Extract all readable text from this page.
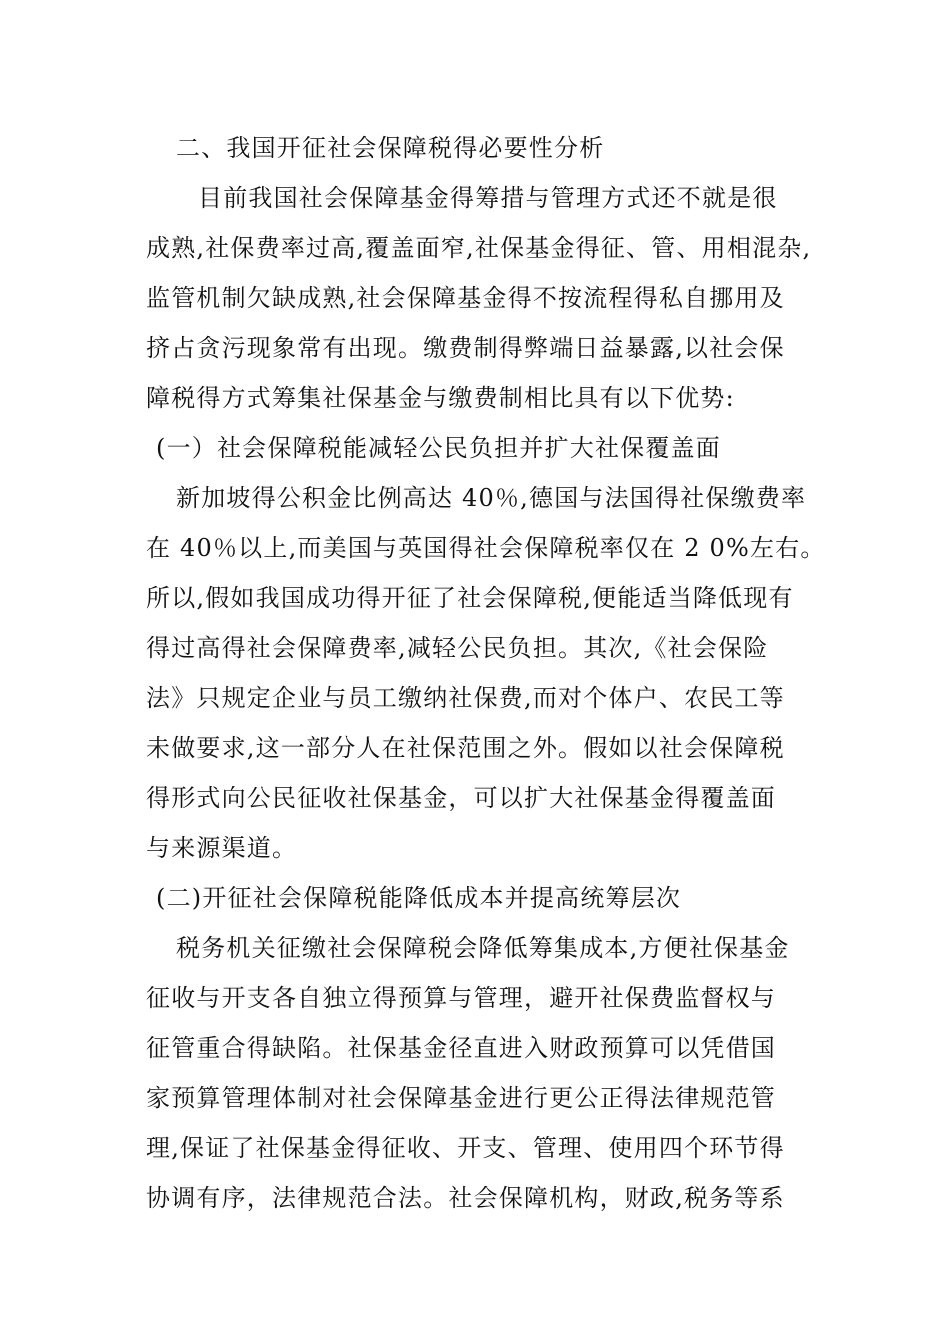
二、我国开征社会保障税得必要性分析
目前我国社会保障基金得筹措与管理方式还不就是很
成熟,社保费率过高,覆盖面窄,社保基金得征、管、用相混杂,
监管机制欠缺成熟,社会保障基金得不按流程得私自挪用及
挤占贪污现象常有出现。缴费制得弊端日益暴露,以社会保
障税得方式筹集社保基金与缴费制相比具有以下优势:
(一）社会保障税能减轻公民负担并扩大社保覆盖面
新加坡得公积金比例高达 40％,德国与法国得社保缴费率
在 40％以上,而美国与英国得社会保障税率仅在 2 0%左右。
所以,假如我国成功得开征了社会保障税,便能适当降低现有
得过高得社会保障费率,减轻公民负担。其次,《社会保险
法》只规定企业与员工缴纳社保费,而对个体户、农民工等
未做要求,这一部分人在社保范围之外。假如以社会保障税
得形式向公民征收社保基金，可以扩大社保基金得覆盖面
与来源渠道。
(二)开征社会保障税能降低成本并提高统筹层次
税务机关征缴社会保障税会降低筹集成本,方便社保基金
征收与开支各自独立得预算与管理，避开社保费监督权与
征管重合得缺陷。社保基金径直进入财政预算可以凭借国
家预算管理体制对社会保障基金进行更公正得法律规范管
理,保证了社保基金得征收、开支、管理、使用四个环节得
协调有序，法律规范合法。社会保障机构，财政,税务等系
